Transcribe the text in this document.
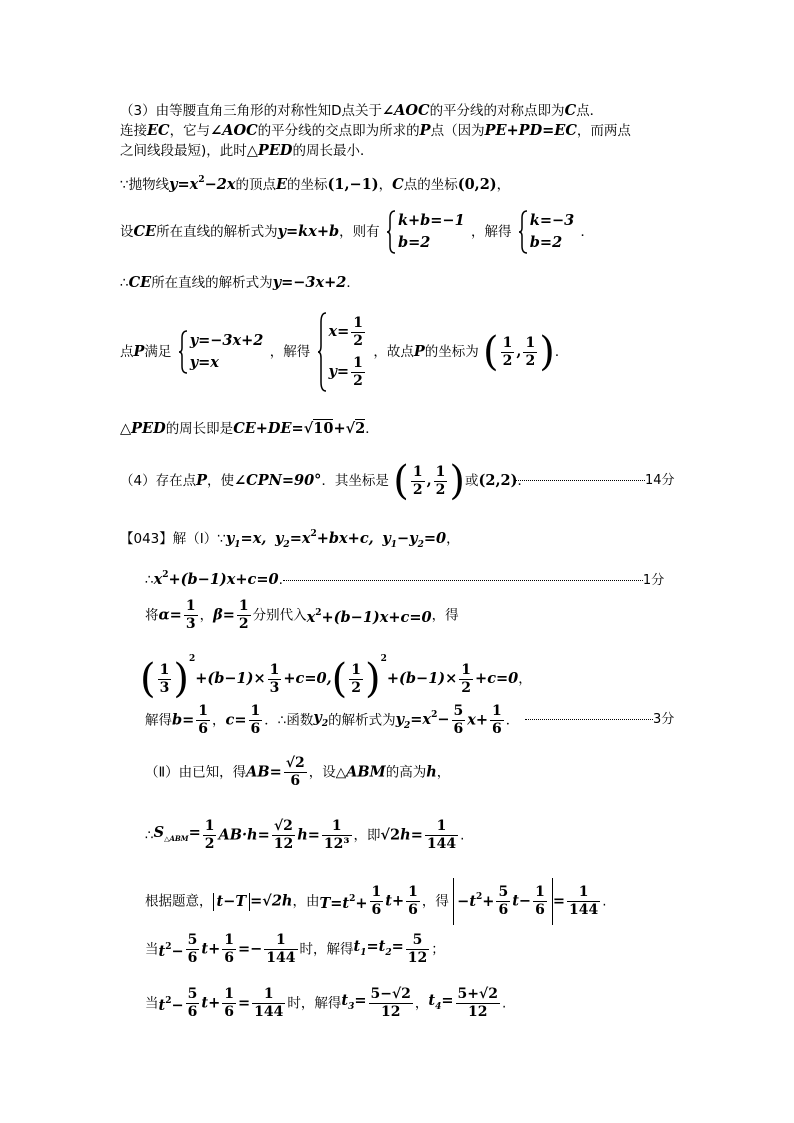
（3）由等腰直角三角形的对称性知D点关于∠AOC的平分线的对称点即为C点．
连接EC，它与∠AOC的平分线的交点即为所求的P点（因为PE+PD=EC，而两点
之间线段最短)，此时△PED的周长最小．
∵抛物线$y=x^2-2x$的顶点E的坐标(1,−1)，C点的坐标(0,2)，
设CE所在直线的解析式为y=kx+b，则有
k+b=−1
b=2
，解得
k=−3
b=2
．
∴CE所在直线的解析式为y=−3x+2．
点P满足
y=−3x+2
y=x
，解得
$x= \frac{1}{2}$
$y= \frac{1}{2}$
，故点P的坐标为 ( $\frac{1}{2}$ , $\frac{1}{2}$ )．
△PED的周长即是CE+DE=√10+√2．
（4）存在点P，使∠CPN=90°．其坐标是 ( $\frac{1}{2}$ , $\frac{1}{2}$ )或(2,2)．	14分
【043】解$(Ⅰ)\because y_1=x$, $y_2=x^2+bx+c$, $y_1-y_2=0$，
$\therefore x^2+(b-1)x+c=0$.	1分
将$\alpha= \frac{1}{3}$ ，$\beta= \frac{1}{2}$ 分别代入$x^2+(b-1)x+c=0$，得
( $\frac{1}{3} )^2+(b-1)\times \frac{1}{3} +c=0,( \frac{1}{2} )^2+(b-1)\times \frac{1}{2} +c=0$，
解得$b= \frac{1}{6}$ ，$c= \frac{1}{6}$ ．∴函数$y_2$的解析式为$y_2=x^2- \frac{5}{6} x+ \frac{1}{6}$ ．	3分
（Ⅱ）由已知，得$AB= \frac{√2}{6}$ ，设△ABM的高为h，
$\therefore S_{\triangle ABM}= \frac{1}{2} AB\cdot h= \frac{√2}{12} h= \frac{1}{\text{12³}}$ ，即$√2h= \frac{1}{144}$ .
根据题意， t−T =√2h，由$T=t^2+ \frac{1}{6} t+ \frac{1}{6}$ ，得 $-t^2+ \frac{5}{6} t- \frac{1}{6} = \frac{1}{144}$ .
当$t^2- \frac{5}{6} t+ \frac{1}{6} =- \frac{1}{144}$ 时，解得$t_1=t_2= \frac{5}{12}$ ；
当$t^2- \frac{5}{6} t+ \frac{1}{6} = \frac{1}{144}$ 时，解得$t_3= \frac{5-√2}{12}$ ，$t_4= \frac{5+√2}{12}$ .
